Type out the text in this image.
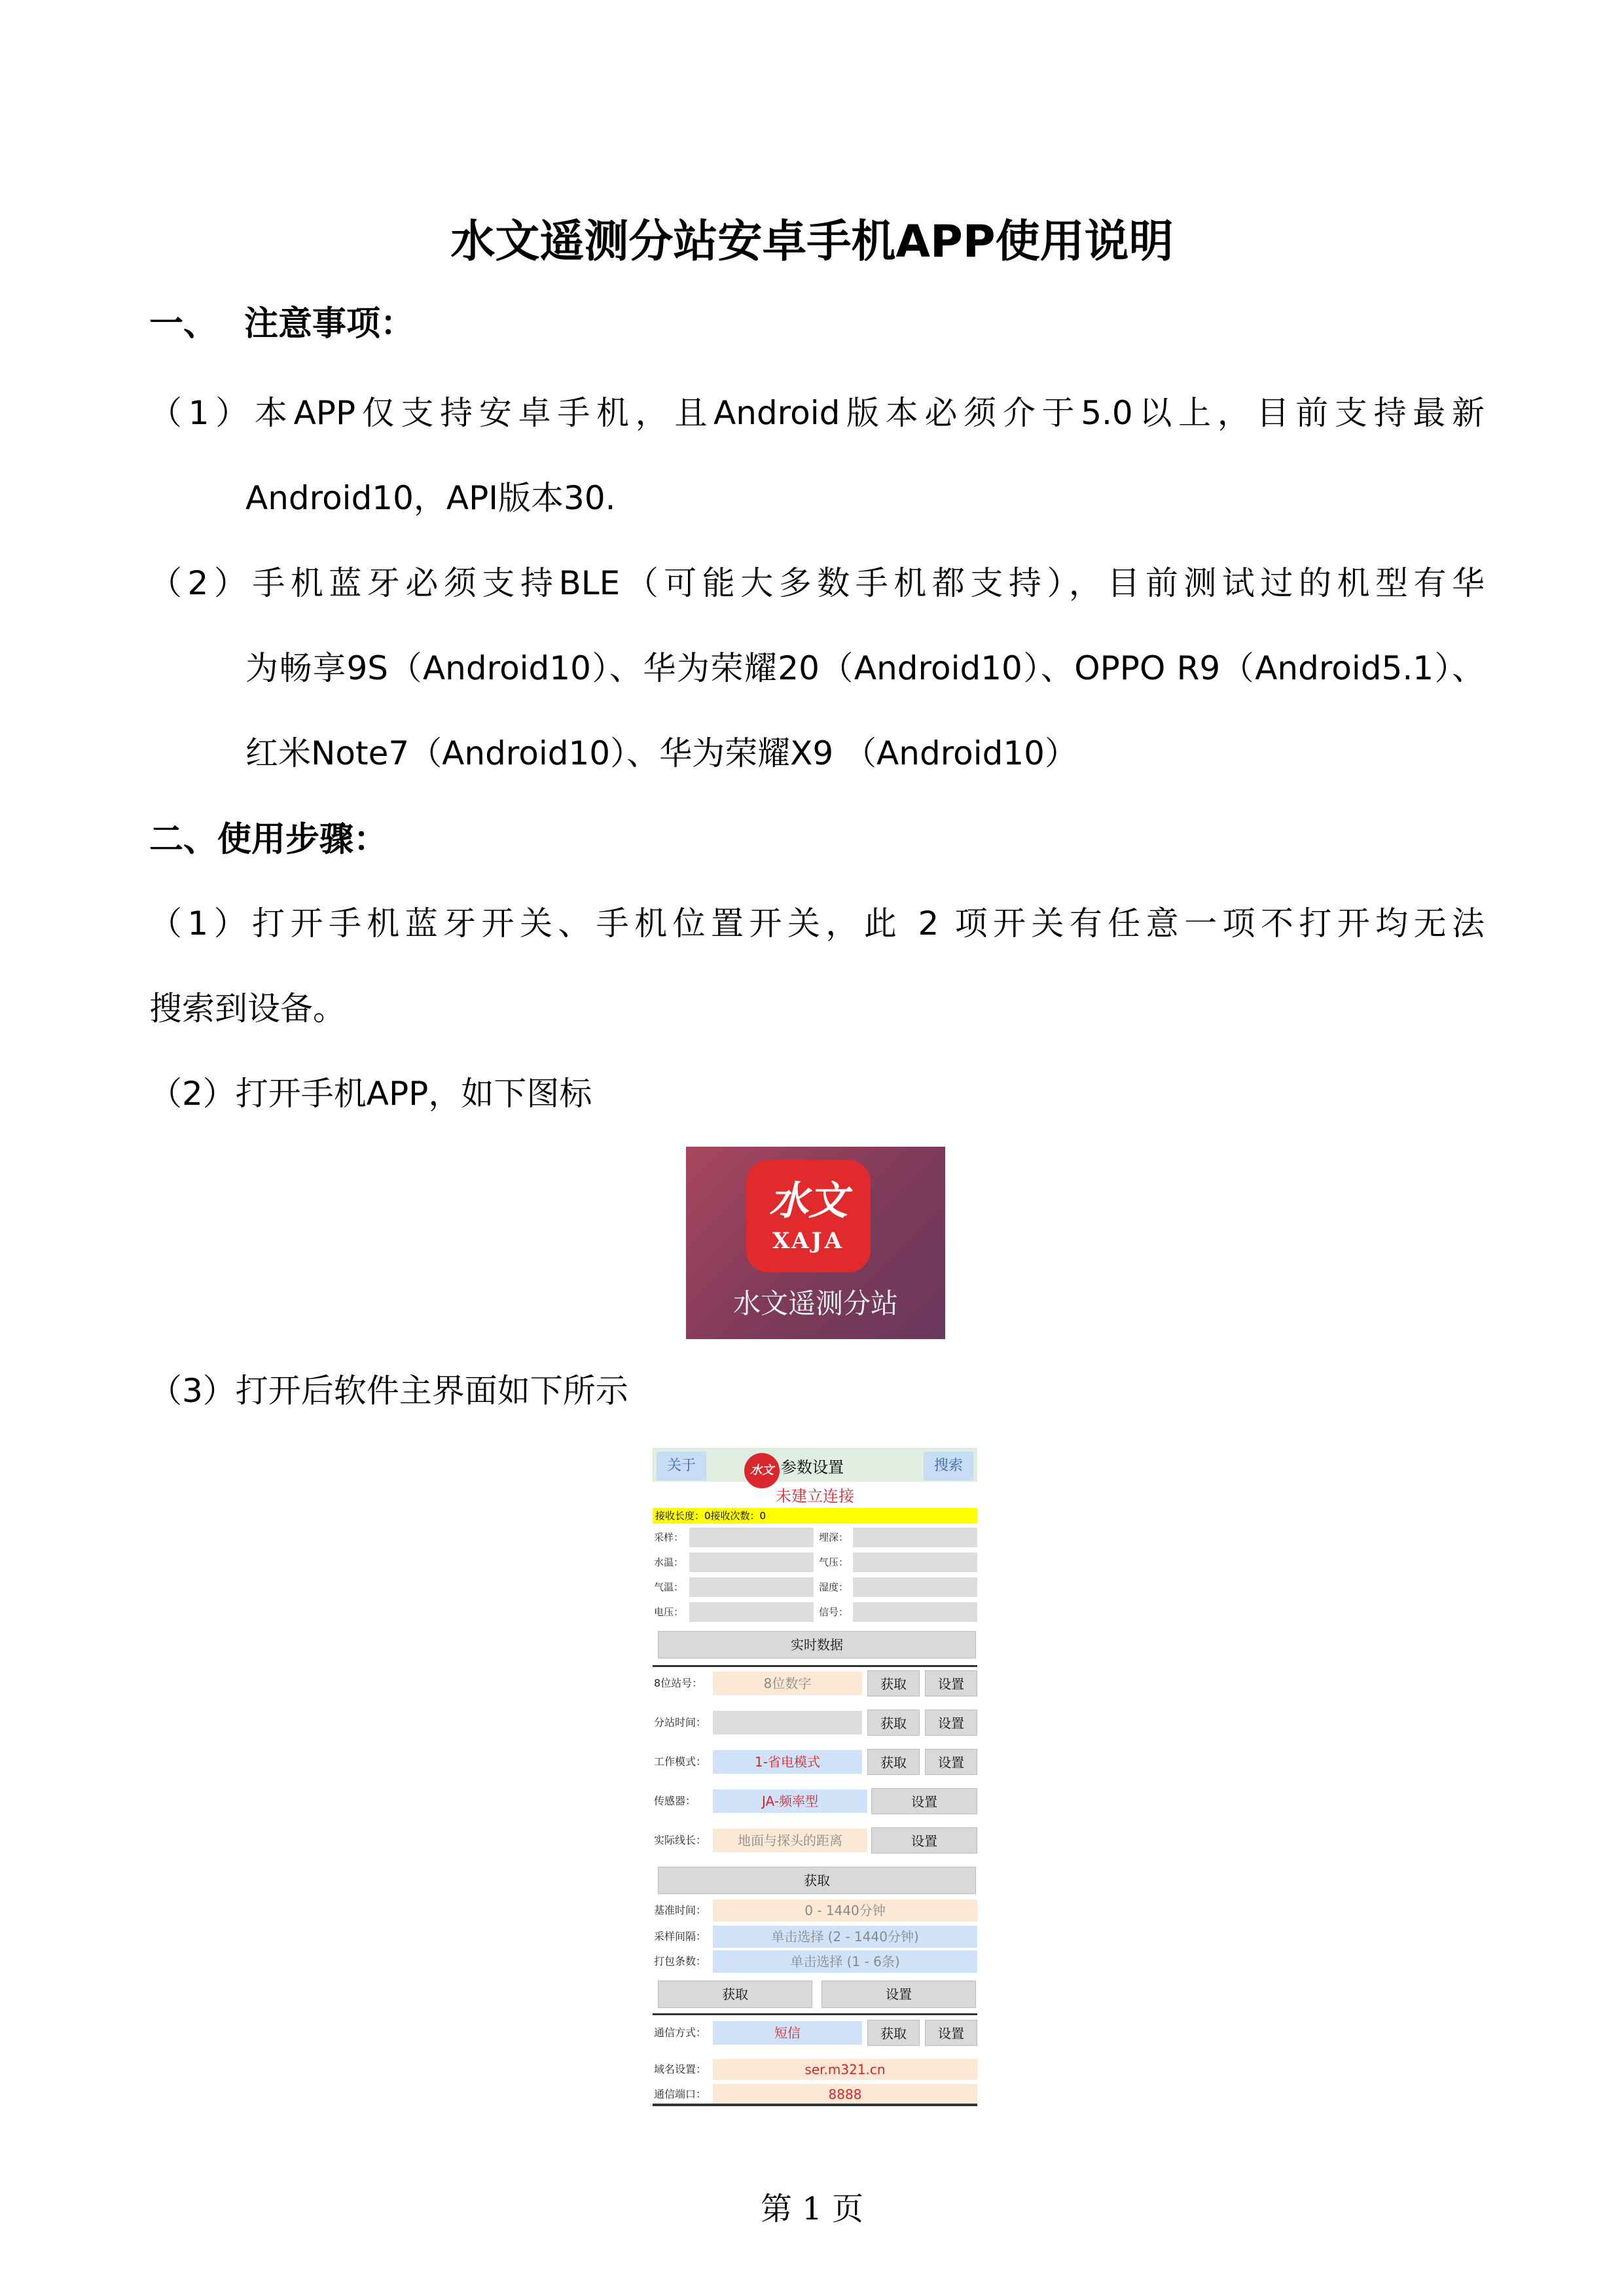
水文遥测分站安卓手机APP使用说明
一、 注意事项：

（1）本APP仅支持安卓手机，且Android版本必须介于5.0以上，目前支持最新

Android10，API版本30.

（2）手机蓝牙必须支持BLE（可能大多数手机都支持），目前测试过的机型有华

为畅享9S（Android10）、华为荣耀20（Android10）、OPPO R9（Android5.1）、

红米Note7（Android10）、华为荣耀X9 （Android10）

二、使用步骤：

（1）打开手机蓝牙开关、手机位置开关，此 2 项开关有任意一项不打开均无法

搜索到设备。

（2）打开手机APP，如下图标

水文
XAJA
水文遥测分站

（3）打开后软件主界面如下所示

关于	水文 参数设置	搜索
未建立连接
接收长度：0接收次数：0
采样：	埋深：
水温：	气压：
气温：	湿度：
电压：	信号：
实时数据
8位站号：	8位数字	获取	设置
分站时间：	获取	设置
工作模式：	1-省电模式	获取	设置
传感器：	JA-频率型	设置
实际线长：	地面与探头的距离	设置
获取
基准时间：	0 - 1440分钟
采样间隔：	单击选择 (2 - 1440分钟)
打包条数：	单击选择 (1 - 6条)
获取	设置
通信方式：	短信	获取	设置
域名设置：	ser.m321.cn
通信端口：	8888
第 1 页
